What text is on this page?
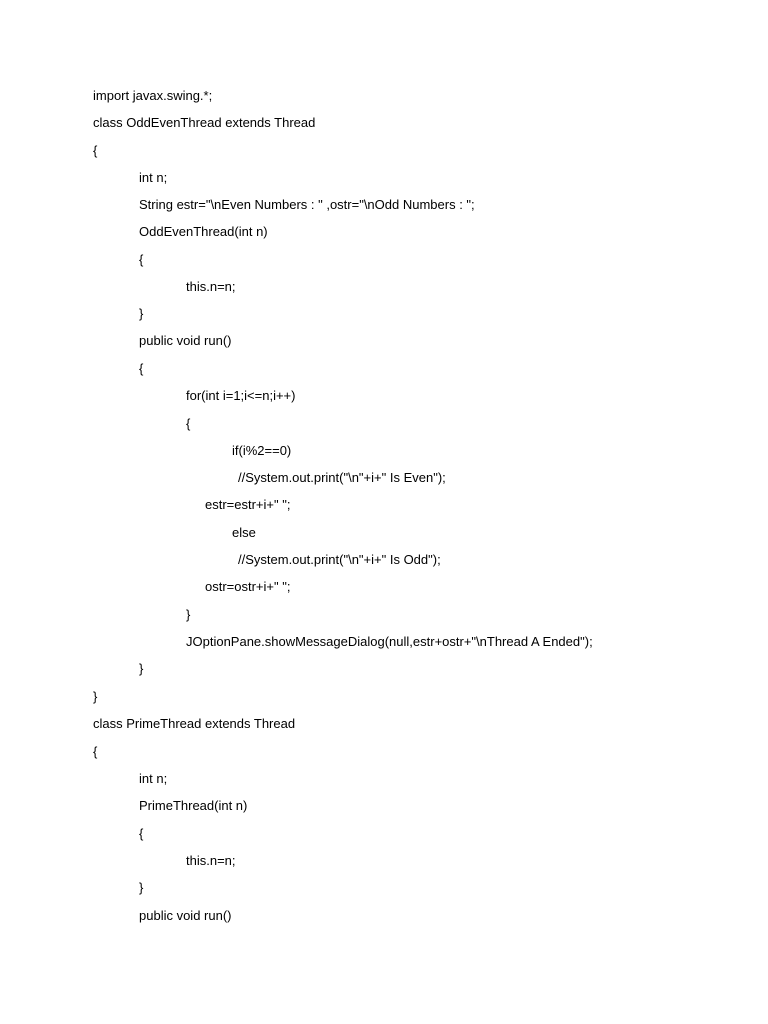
import javax.swing.*;
class OddEvenThread extends Thread
{
int n;
String estr="\nEven Numbers : " ,ostr="\nOdd Numbers : ";
OddEvenThread(int n)
{
this.n=n;
}
public void run()
{
for(int i=1;i<=n;i++)
{
if(i%2==0)
//System.out.print("\n"+i+" Is Even");
estr=estr+i+" ";
else
//System.out.print("\n"+i+" Is Odd");
ostr=ostr+i+" ";
}
JOptionPane.showMessageDialog(null,estr+ostr+"\nThread A Ended");
}
}
class PrimeThread extends Thread
{
int n;
PrimeThread(int n)
{
this.n=n;
}
public void run()
